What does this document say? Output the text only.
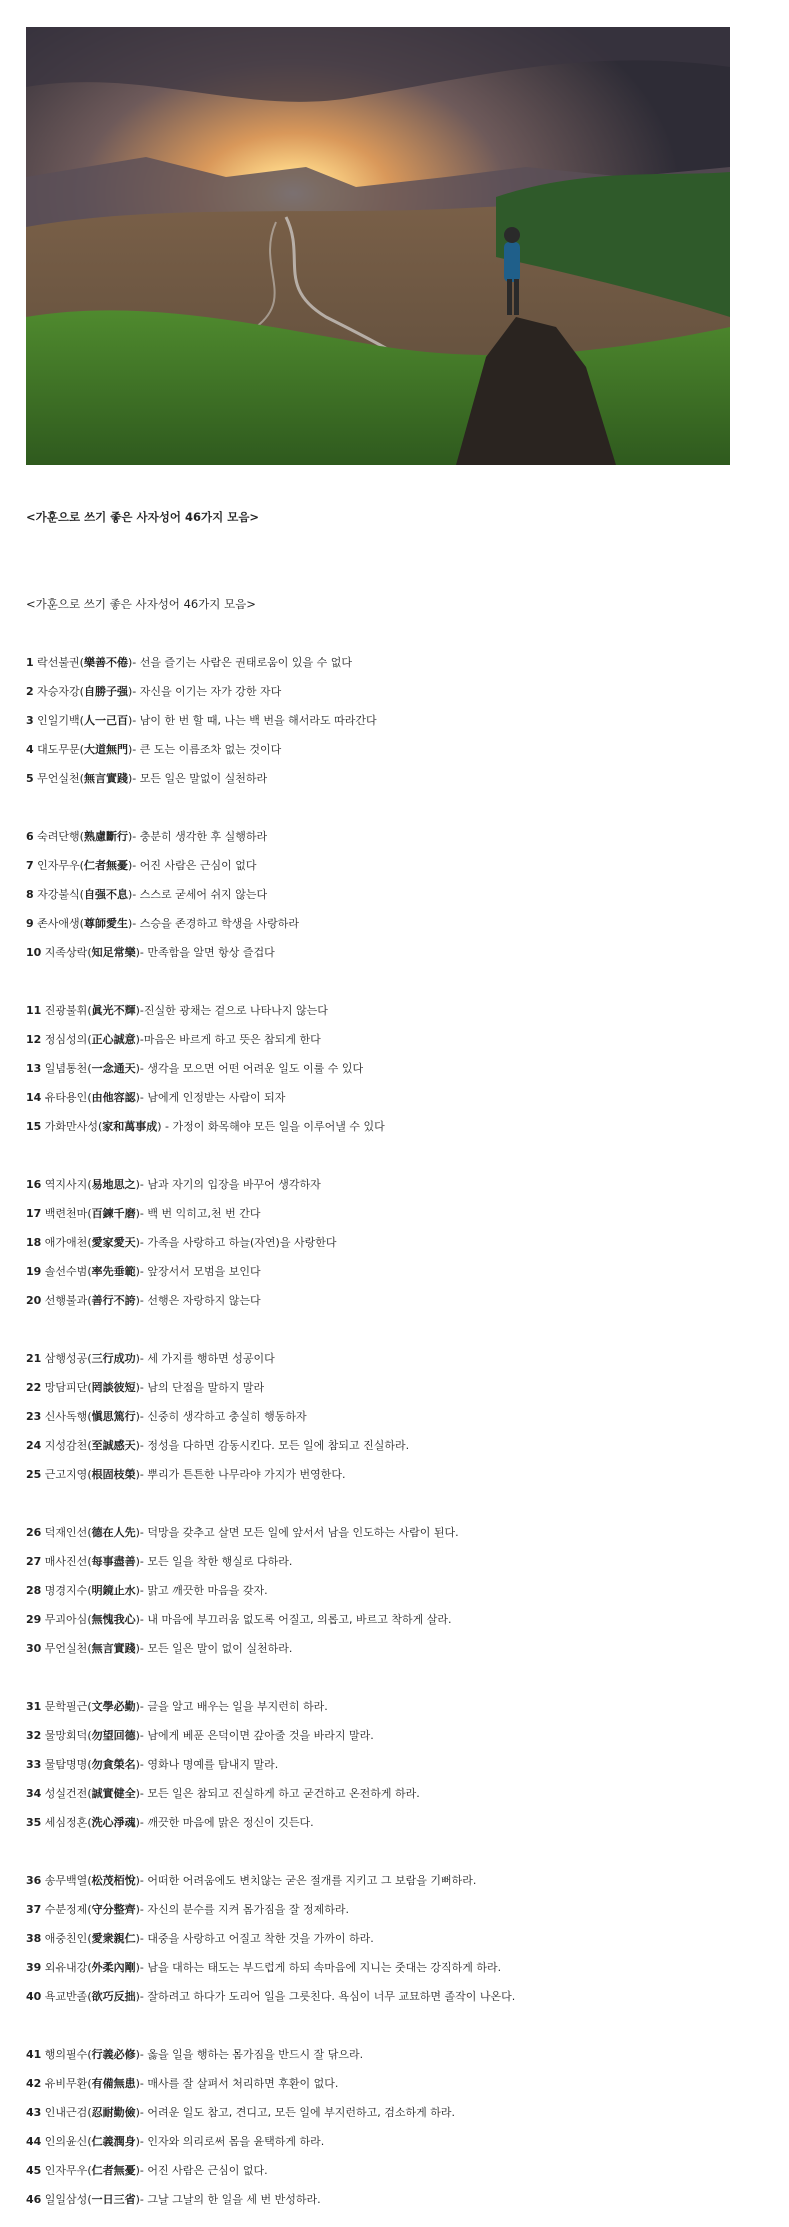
<가훈으로 쓰기 좋은 사자성어 46가지 모음>

<가훈으로 쓰기 좋은 사자성어 46가지 모음>

1 락선불권(樂善不倦)- 선을 즐기는 사람은 권태로움이 있을 수 없다
2 자승자강(自勝子强)- 자신을 이기는 자가 강한 자다
3 인일기백(人一己百)- 남이 한 번 할 때, 나는 백 번을 해서라도 따라간다
4 대도무문(大道無門)- 큰 도는 이름조차 없는 것이다
5 무언실천(無言實踐)- 모든 일은 말없이 실천하라
6 숙려단행(熟慮斷行)- 충분히 생각한 후 실행하라
7 인자무우(仁者無憂)- 어진 사람은 근심이 없다
8 자강불식(自强不息)- 스스로 굳세어 쉬지 않는다
9 존사애생(尊師愛生)- 스승을 존경하고 학생을 사랑하라
10 지족상락(知足常樂)- 만족함을 알면 항상 즐겁다
11 진광불휘(眞光不輝)-진실한 광채는 겉으로 나타나지 않는다
12 정심성의(正心誠意)-마음은 바르게 하고 뜻은 참되게 한다
13 일념통천(一念通天)- 생각을 모으면 어떤 어려운 일도 이룰 수 있다
14 유타용인(由他容認)- 남에게 인정받는 사람이 되자
15 가화만사성(家和萬事成) - 가정이 화목해야 모든 일을 이루어낼 수 있다
16 역지사지(易地思之)- 남과 자기의 입장을 바꾸어 생각하자
17 백련천마(百鍊千磨)- 백 번 익히고,천 번 간다
18 애가애천(愛家愛天)- 가족을 사랑하고 하늘(자연)을 사랑한다
19 솔선수범(率先垂範)- 앞장서서 모범을 보인다
20 선행불과(善行不誇)- 선행은 자랑하지 않는다
21 삼행성공(三行成功)- 세 가지를 행하면 성공이다
22 망담피단(罔談彼短)- 남의 단점을 말하지 말라
23 신사독행(愼思篤行)- 신중히 생각하고 충실히 행동하자
24 지성감천(至誠感天)- 정성을 다하면 감동시킨다. 모든 일에 참되고 진실하라.
25 근고지영(根固枝榮)- 뿌리가 튼튼한 나무라야 가지가 번영한다.
26 덕재인선(德在人先)- 덕망을 갖추고 살면 모든 일에 앞서서 남을 인도하는 사람이 된다.
27 매사진선(每事盡善)- 모든 일을 착한 행실로 다하라.
28 명경지수(明鏡止水)- 맑고 깨끗한 마음을 갖자.
29 무괴아심(無愧我心)- 내 마음에 부끄러움 없도록 어질고, 의롭고, 바르고 착하게 살라.
30 무언실천(無言實踐)- 모든 일은 말이 없이 실천하라.
31 문학필근(文學必勤)- 글을 알고 배우는 일을 부지런히 하라.
32 물망회덕(勿望回德)- 남에게 베푼 은덕이면 갚아줄 것을 바라지 말라.
33 물탐명명(勿貪榮名)- 영화나 명예를 탐내지 말라.
34 성실건전(誠實健全)- 모든 일은 참되고 진실하게 하고 굳건하고 온전하게 하라.
35 세심정혼(洗心淨魂)- 깨끗한 마음에 맑은 정신이 깃든다.
36 송무백열(松茂栢悅)- 어떠한 어려움에도 변치않는 굳은 절개를 지키고 그 보람을 기뻐하라.
37 수분정제(守分整齊)- 자신의 분수를 지켜 몸가짐을 잘 정제하라.
38 애중친인(愛衆親仁)- 대중을 사랑하고 어질고 착한 것을 가까이 하라.
39 외유내강(外柔內剛)- 남을 대하는 태도는 부드럽게 하되 속마음에 지니는 줏대는 강직하게 하라.
40 욕교반졸(欲巧反拙)- 잘하려고 하다가 도리어 일을 그릇친다. 욕심이 너무 교묘하면 졸작이 나온다.
41 행의필수(行義必修)- 옳을 일을 행하는 몸가짐을 반드시 잘 닦으라.
42 유비무환(有備無患)- 매사를 잘 살펴서 처리하면 후환이 없다.
43 인내근검(忍耐勤儉)- 어려운 일도 참고, 견디고, 모든 일에 부지런하고, 검소하게 하라.
44 인의윤신(仁義潤身)- 인자와 의리로써 몸을 윤택하게 하라.
45 인자무우(仁者無憂)- 어진 사람은 근심이 없다.
46 일일삼성(一日三省)- 그날 그날의 한 일을 세 번 반성하라.
